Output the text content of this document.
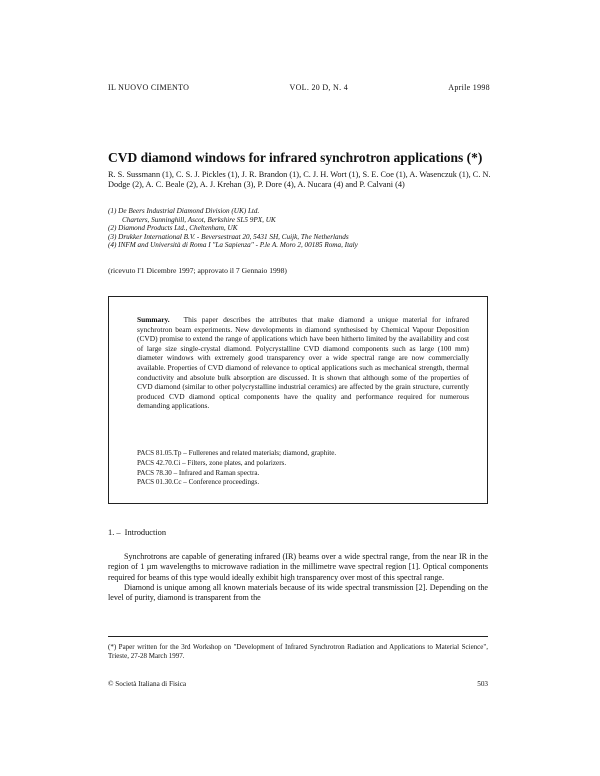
IL NUOVO CIMENTO	VOL. 20 D, N. 4	Aprile 1998
CVD diamond windows for infrared synchrotron applications (*)
R. S. Sussmann (1), C. S. J. Pickles (1), J. R. Brandon (1), C. J. H. Wort (1), S. E. Coe (1), A. Wasenczuk (1), C. N. Dodge (2), A. C. Beale (2), A. J. Krehan (3), P. Dore (4), A. Nucara (4) and P. Calvani (4)
(1) De Beers Industrial Diamond Division (UK) Ltd.
Charters, Sunninghill, Ascot, Berkshire SL5 9PX, UK
(2) Diamond Products Ltd., Cheltenham, UK
(3) Drukker International B.V. - Beversestraat 20, 5431 SH, Cuijk, The Netherlands
(4) INFM and Università di Roma I "La Sapienza" - P.le A. Moro 2, 00185 Roma, Italy
(ricevuto l'1 Dicembre 1997; approvato il 7 Gennaio 1998)
Summary. This paper describes the attributes that make diamond a unique material for infrared synchrotron beam experiments. New developments in diamond synthesised by Chemical Vapour Deposition (CVD) promise to extend the range of applications which have been hitherto limited by the availability and cost of large size single-crystal diamond. Polycrystalline CVD diamond components such as large (100 mm) diameter windows with extremely good transparency over a wide spectral range are now commercially available. Properties of CVD diamond of relevance to optical applications such as mechanical strength, thermal conductivity and absolute bulk absorption are discussed. It is shown that although some of the properties of CVD diamond (similar to other polycrystalline industrial ceramics) are affected by the grain structure, currently produced CVD diamond optical components have the quality and performance required for numerous demanding applications.
PACS 81.05.Tp – Fullerenes and related materials; diamond, graphite.
PACS 42.70.Ci – Filters, zone plates, and polarizers.
PACS 78.30 – Infrared and Raman spectra.
PACS 01.30.Cc – Conference proceedings.
1. – Introduction

Synchrotrons are capable of generating infrared (IR) beams over a wide spectral range, from the near IR in the region of 1 µm wavelengths to microwave radiation in the millimetre wave spectral region [1]. Optical components required for beams of this type would ideally exhibit high transparency over most of this spectral range.

Diamond is unique among all known materials because of its wide spectral transmission [2]. Depending on the level of purity, diamond is transparent from the

(*) Paper written for the 3rd Workshop on "Development of Infrared Synchrotron Radiation and Applications to Material Science", Trieste, 27-28 March 1997.
© Società Italiana di Fisica	503
